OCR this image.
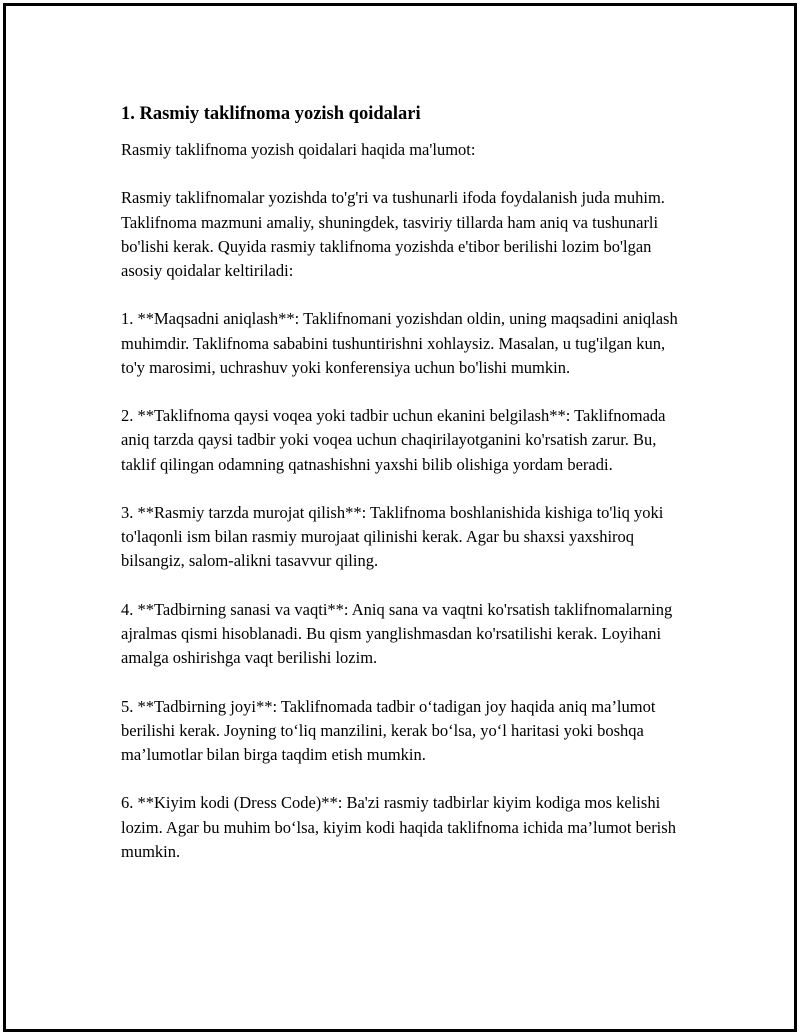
1. Rasmiy taklifnoma yozish qoidalari

Rasmiy taklifnoma yozish qoidalari haqida ma'lumot:

Rasmiy taklifnomalar yozishda to'g'ri va tushunarli ifoda foydalanish juda muhim. Taklifnoma mazmuni amaliy, shuningdek, tasviriy tillarda ham aniq va tushunarli bo'lishi kerak. Quyida rasmiy taklifnoma yozishda e'tibor berilishi lozim bo'lgan asosiy qoidalar keltiriladi:

1. **Maqsadni aniqlash**: Taklifnomani yozishdan oldin, uning maqsadini aniqlash muhimdir. Taklifnoma sababini tushuntirishni xohlaysiz. Masalan, u tug'ilgan kun, to'y marosimi, uchrashuv yoki konferensiya uchun bo'lishi mumkin.

2. **Taklifnoma qaysi voqea yoki tadbir uchun ekanini belgilash**: Taklifnomada aniq tarzda qaysi tadbir yoki voqea uchun chaqirilayotganini ko'rsatish zarur. Bu, taklif qilingan odamning qatnashishni yaxshi bilib olishiga yordam beradi.

3. **Rasmiy tarzda murojat qilish**: Taklifnoma boshlanishida kishiga to'liq yoki to'laqonli ism bilan rasmiy murojaat qilinishi kerak. Agar bu shaxsi yaxshiroq bilsangiz, salom-alikni tasavvur qiling.

4. **Tadbirning sanasi va vaqti**: Aniq sana va vaqtni ko'rsatish taklifnomalarning ajralmas qismi hisoblanadi. Bu qism yanglishmasdan ko'rsatilishi kerak. Loyihani amalga oshirishga vaqt berilishi lozim.

5. **Tadbirning joyi**: Taklifnomada tadbir o‘tadigan joy haqida aniq ma’lumot berilishi kerak. Joyning to‘liq manzilini, kerak bo‘lsa, yo‘l haritasi yoki boshqa ma’lumotlar bilan birga taqdim etish mumkin.

6. **Kiyim kodi (Dress Code)**: Ba'zi rasmiy tadbirlar kiyim kodiga mos kelishi lozim. Agar bu muhim bo‘lsa, kiyim kodi haqida taklifnoma ichida ma’lumot berish mumkin.
